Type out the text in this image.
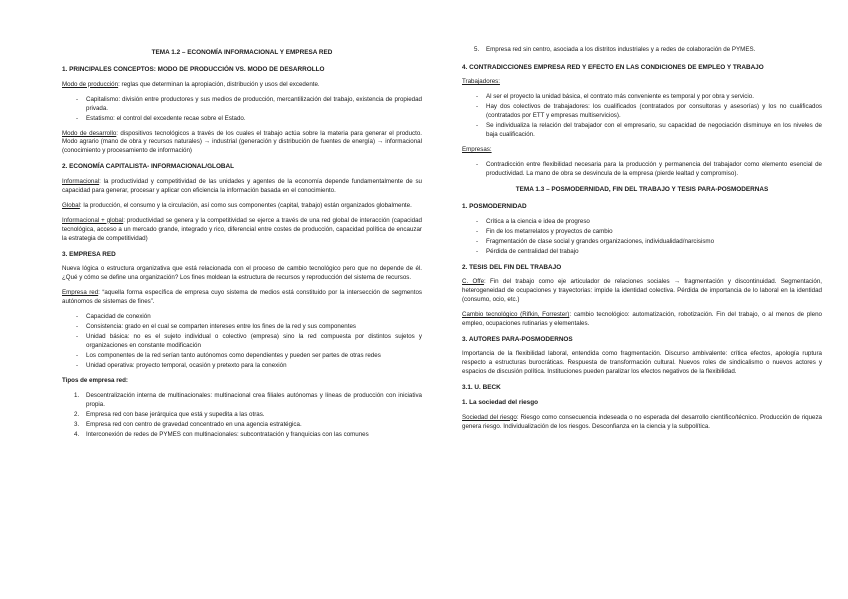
TEMA 1.2 – ECONOMÍA INFORMACIONAL Y EMPRESA RED
1. PRINCIPALES CONCEPTOS: MODO DE PRODUCCIÓN VS. MODO DE DESARROLLO
Modo de producción: reglas que determinan la apropiación, distribución y usos del excedente.
- Capitalismo: división entre productores y sus medios de producción, mercantilización del trabajo, existencia de propiedad privada.
- Estatismo: el control del excedente recae sobre el Estado.
Modo de desarrollo: dispositivos tecnológicos a través de los cuales el trabajo actúa sobre la materia para generar el producto. Modo agrario (mano de obra y recursos naturales) → industrial (generación y distribución de fuentes de energía) → informacional (conocimiento y procesamiento de información)
2. ECONOMÍA CAPITALISTA- INFORMACIONAL/GLOBAL
Informacional: la productividad y competitividad de las unidades y agentes de la economía depende fundamentalmente de su capacidad para generar, procesar y aplicar con eficiencia la información basada en el conocimiento.
Global: la producción, el consumo y la circulación, así como sus componentes (capital, trabajo) están organizados globalmente.
Informacional + global: productividad se genera y la competitividad se ejerce a través de una red global de interacción (capacidad tecnológica, acceso a un mercado grande, integrado y rico, diferencial entre costes de producción, capacidad política de encauzar la estrategia de competitividad)
3. EMPRESA RED
Nueva lógica o estructura organizativa que está relacionada con el proceso de cambio tecnológico pero que no depende de él. ¿Qué y cómo se define una organización? Los fines moldean la estructura de recursos y reproducción del sistema de recursos.
Empresa red: “aquella forma específica de empresa cuyo sistema de medios está constituido por la intersección de segmentos autónomos de sistemas de fines”.
- Capacidad de conexión
- Consistencia: grado en el cual se comparten intereses entre los fines de la red y sus componentes
- Unidad básica: no es el sujeto individual o colectivo (empresa) sino la red compuesta por distintos sujetos y organizaciones en constante modificación
- Los componentes de la red serían tanto autónomos como dependientes y pueden ser partes de otras redes
- Unidad operativa: proyecto temporal, ocasión y pretexto para la conexión
Tipos de empresa red:
1. Descentralización interna de multinacionales: multinacional crea filiales autónomas y líneas de producción con iniciativa propia.
2. Empresa red con base jerárquica que está y supedita a las otras.
3. Empresa red con centro de gravedad concentrado en una agencia estratégica.
4. Interconexión de redes de PYMES con multinacionales: subcontratación y franquicias con las comunes
5. Empresa red sin centro, asociada a los distritos industriales y a redes de colaboración de PYMES.
4. CONTRADICCIONES EMPRESA RED Y EFECTO EN LAS CONDICIONES DE EMPLEO Y TRABAJO
Trabajadores:
- Al ser el proyecto la unidad básica, el contrato más conveniente es temporal y por obra y servicio.
- Hay dos colectivos de trabajadores: los cualificados (contratados por consultoras y asesorías) y los no cualificados (contratados por ETT y empresas multiservicios).
- Se individualiza la relación del trabajador con el empresario, su capacidad de negociación disminuye en los niveles de baja cualificación.
Empresas:
- Contradicción entre flexibilidad necesaria para la producción y permanencia del trabajador como elemento esencial de productividad. La mano de obra se desvincula de la empresa (pierde lealtad y compromiso).
TEMA 1.3 – POSMODERNIDAD, FIN DEL TRABAJO Y TESIS PARA-POSMODERNAS
1. POSMODERNIDAD
- Crítica a la ciencia e idea de progreso
- Fin de los metarrelatos y proyectos de cambio
- Fragmentación de clase social y grandes organizaciones, individualidad/narcisismo
- Pérdida de centralidad del trabajo
2. TESIS DEL FIN DEL TRABAJO
C. Offe: Fin del trabajo como eje articulador de relaciones sociales → fragmentación y discontinuidad. Segmentación, heterogeneidad de ocupaciones y trayectorias: impide la identidad colectiva. Pérdida de importancia de lo laboral en la identidad (consumo, ocio, etc.)
Cambio tecnológico (Rifkin, Forrester): cambio tecnológico: automatización, robotización. Fin del trabajo, o al menos de pleno empleo, ocupaciones rutinarias y elementales.
3. AUTORES PARA-POSMODERNOS
Importancia de la flexibilidad laboral, entendida como fragmentación. Discurso ambivalente: crítica efectos, apología ruptura respecto a estructuras burocráticas. Respuesta de transformación cultural. Nuevos roles de sindicalismo o nuevos actores y espacios de discusión política. Instituciones pueden paralizar los efectos negativos de la flexibilidad.
3.1. U. BECK
1. La sociedad del riesgo
Sociedad del riesgo: Riesgo como consecuencia indeseada o no esperada del desarrollo científico/técnico. Producción de riqueza genera riesgo. Individualización de los riesgos. Desconfianza en la ciencia y la subpolítica.
